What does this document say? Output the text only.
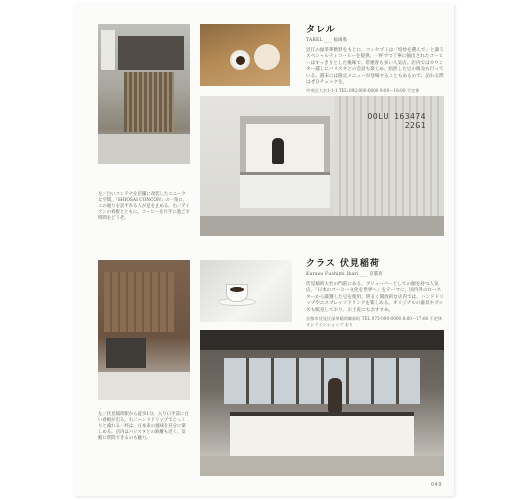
タレル
TAREL ___ 福岡県
近江の緑茶系飲料をもとに、コンセプトは「焙炒を選んで」と謳うスペシャルティコーヒーを提供。一杯ずつ丁寧に抽出されたコーヒーはすっきりとした後味で、常連客も多い人気店。店内ではカウンター越しにバリスタとの会話も楽しめ、焙煎した豆の販売も行っている。週末には限定メニューが登場することもあるので、訪れる際はぜひチェックを。
中央区大名1-1-1 TEL 092-000-0000 9:00〜18:00 不定休
OOLU 163474
22G1
左／白いコンテナを店舗に改装したユニークな空間。「SHIOSAI CONCON」の一角に、この通りを訪ずれる人が足を止める。右／アイアンの看板とともに、コーヒーを片手に過ごす時間をどうぞ。
クラス 伏見稲荷
Kurasu Fushimi Inari ___ 京都府
伏見稲荷大社の門前にある、ブリューバーとしての顔を持つ人気店。「日本のコーヒー文化を世界へ」をテーマに、国内外のロースターから厳選した豆を使用。明るく開放的な店内では、ハンドドリップやエスプレッソドリンクを楽しめる。オリジナルの器具やグッズも販売しており、お土産にもおすすめ。
京都市伏見区深草稲荷御前町 TEL 075-000-0000 8:00〜17:00 不定休 オンラインショップ あり
左／伏見稲荷駅から徒歩1分。入り口手前に白い看板が出る。右／ハンドドリップでじっくりと淹れる一杯は、豆本来の風味を存分に楽しめる。店内はバリスタとの距離も近く、気軽に質問できるのも魅力。
049
